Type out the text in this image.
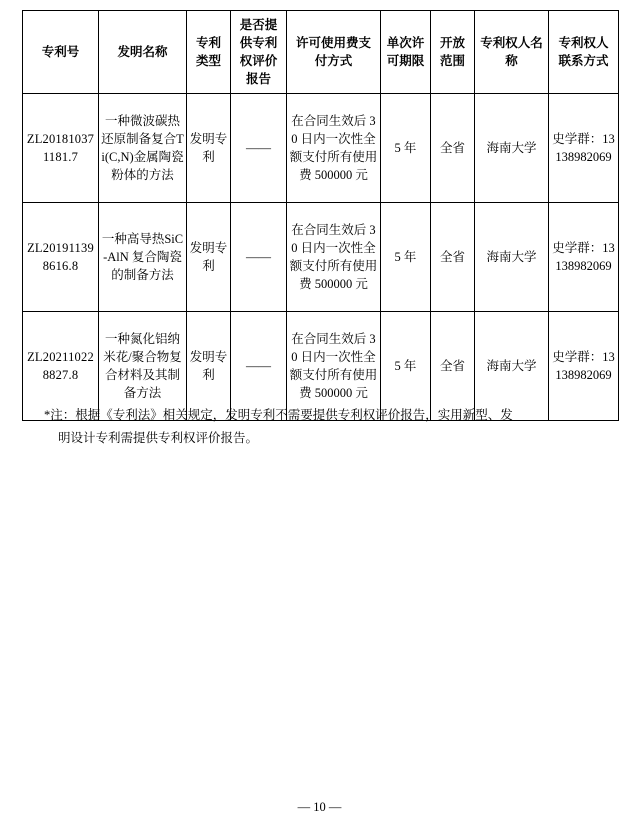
专利号	发明名称	专利类型	是否提供专利权评价报告	许可使用费支付方式	单次许可期限	开放范围	专利权人名称	专利权人联系方式
ZL201810371181.7	一种微波碳热还原制备复合Ti(C,N)金属陶瓷粉体的方法	发明专利	——	在合同生效后 30 日内一次性全额支付所有使用费 500000 元	5 年	全省	海南大学	史学群：13138982069
ZL201911398616.8	一种高导热SiC-AlN 复合陶瓷的制备方法	发明专利	——	在合同生效后 30 日内一次性全额支付所有使用费 500000 元	5 年	全省	海南大学	史学群：13138982069
ZL202110228827.8	一种氮化铝纳米花/聚合物复合材料及其制备方法	发明专利	——	在合同生效后 30 日内一次性全额支付所有使用费 500000 元	5 年	全省	海南大学	史学群：13138982069
*注：根据《专利法》相关规定，发明专利不需要提供专利权评价报告，实用新型、发
明设计专利需提供专利权评价报告。
— 10 —
